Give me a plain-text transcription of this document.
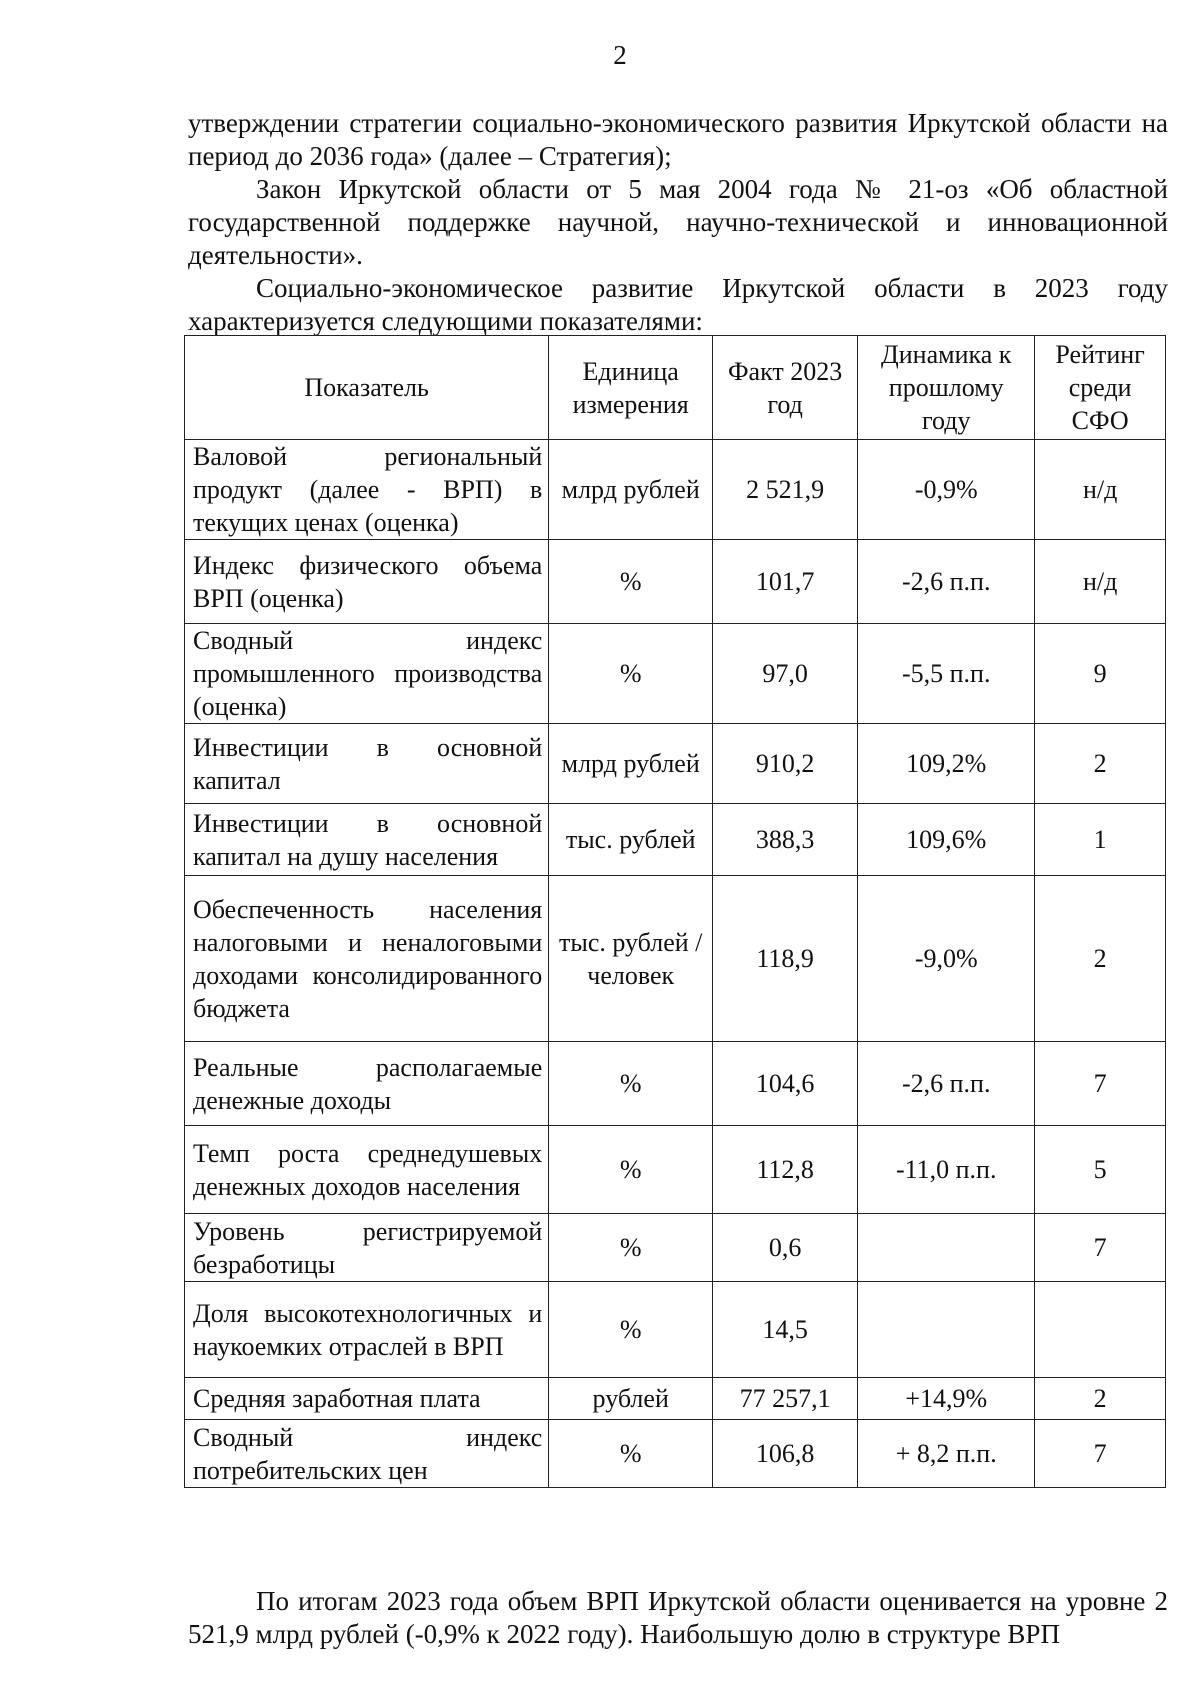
2

утверждении стратегии социально-экономического развития Иркутской области на период до 2036 года» (далее – Стратегия);

Закон Иркутской области от 5 мая 2004 года № 21-оз «Об областной государственной поддержке научной, научно-технической и инновационной деятельности».

Социально-экономическое развитие Иркутской области в 2023 году характеризуется следующими показателями:

Показатель	Единица измерения	Факт 2023 год	Динамика к прошлому году	Рейтинг среди СФО
Валовой региональный продукт (далее - ВРП) в текущих ценах (оценка)	млрд рублей	2 521,9	-0,9%	н/д
Индекс физического объема ВРП (оценка)	%	101,7	-2,6 п.п.	н/д
Сводный индекс промышленного производства (оценка)	%	97,0	-5,5 п.п.	9
Инвестиции в основной капитал	млрд рублей	910,2	109,2%	2
Инвестиции в основной капитал на душу населения	тыс. рублей	388,3	109,6%	1
Обеспеченность населения налоговыми и неналоговыми доходами консолидированного бюджета	тыс. рублей /человек	118,9	-9,0%	2
Реальные располагаемые денежные доходы	%	104,6	-2,6 п.п.	7
Темп роста среднедушевых денежных доходов населения	%	112,8	-11,0 п.п.	5
Уровень регистрируемой безработицы	%	0,6		7
Доля высокотехнологичных и наукоемких отраслей в ВРП	%	14,5		
Средняя заработная плата	рублей	77 257,1	+14,9%	2
Сводный индекс потребительских цен	%	106,8	+ 8,2 п.п.	7

По итогам 2023 года объем ВРП Иркутской области оценивается на уровне 2 521,9 млрд рублей (-0,9% к 2022 году). Наибольшую долю в структуре ВРП
